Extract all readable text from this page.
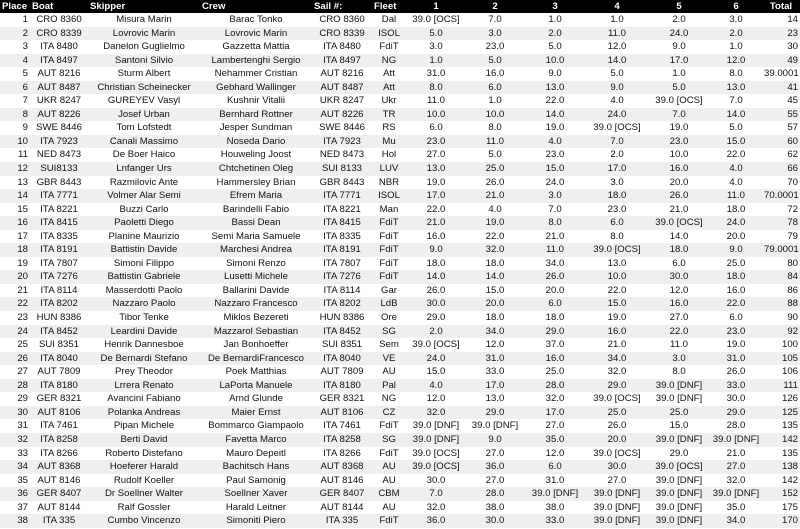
Place	Boat	Skipper	Crew	Sail #:	Fleet	1	2	3	4	5	6	Total
1	CRO 8360	Misura Marin	Barac Tonko	CRO 8360	Dal	39.0 [OCS]	7.0	1.0	1.0	2.0	3.0	14
2	CRO 8339	Lovrovic Marin	Lovrovic Marin	CRO 8339	ISOL	5.0	3.0	2.0	11.0	24.0	2.0	23
3	ITA 8480	Danelon Guglielmo	Gazzetta Mattia	ITA 8480	FdiT	3.0	23.0	5.0	12.0	9.0	1.0	30
4	ITA 8497	Santoni Silvio	Lambertenghi Sergio	ITA 8497	NG	1.0	5.0	10.0	14.0	17.0	12.0	49
5	AUT 8216	Sturm Albert	Nehammer Cristian	AUT 8216	Att	31.0	16.0	9.0	5.0	1.0	8.0	39.0001
6	AUT 8487	Christian Scheinecker	Gebhard Wallinger	AUT 8487	Att	8.0	6.0	13.0	9.0	5.0	13.0	41
7	UKR 8247	GUREYEV Vasyl	Kushnir Vitalii	UKR 8247	Ukr	11.0	1.0	22.0	4.0	39.0 [OCS]	7.0	45
8	AUT 8226	Josef Urban	Bernhard Rottner	AUT 8226	TR	10.0	10.0	14.0	24.0	7.0	14.0	55
9	SWE 8446	Tom Lofstedt	Jesper Sundman	SWE 8446	RS	6.0	8.0	19.0	39.0 [OCS]	19.0	5.0	57
10	ITA 7923	Canali Massimo	Noseda Dario	ITA 7923	Mu	23.0	11.0	4.0	7.0	23.0	15.0	60
11	NED 8473	De Boer Haico	Houweling Joost	NED 8473	Hol	27.0	5.0	23.0	2.0	10.0	22.0	62
12	SUI8133	Lnfanger Urs	Chtchetinen Oleg	SUI 8133	LUV	13.0	25.0	15.0	17.0	16.0	4.0	66
13	GBR 8443	Razmilovic Ante	Hammersley Brian	GBR 8443	NBR	19.0	26.0	24.0	3.0	20.0	4.0	70
14	ITA 7771	Volmer Alar Semi	Efrem Maria	ITA 7771	ISOL	17.0	21.0	3.0	18.0	26.0	11.0	70.0001
15	ITA 8221	Buzzi Carlo	Barindelli Fabio	ITA 8221	Man	22.0	4.0	7.0	23.0	21.0	18.0	72
16	ITA 8415	Paoletti Diego	Bassi Dean	ITA 8415	FdiT	21.0	19.0	8.0	6.0	39.0 [OCS]	24.0	78
17	ITA 8335	Planine Maurizio	Semi Maria Samuele	ITA 8335	FdiT	16.0	22.0	21.0	8.0	14.0	20.0	79
18	ITA 8191	Battistin Davide	Marchesi Andrea	ITA 8191	FdiT	9.0	32.0	11.0	39.0 [OCS]	18.0	9.0	79.0001
19	ITA 7807	Simoni Filippo	Simoni Renzo	ITA 7807	FdiT	18.0	18.0	34.0	13.0	6.0	25.0	80
20	ITA 7276	Battistin Gabriele	Lusetti Michele	ITA 7276	FdiT	14.0	14.0	26.0	10.0	30.0	18.0	84
21	ITA 8114	Masserdotti Paolo	Ballarini Davide	ITA 8114	Gar	26.0	15.0	20.0	22.0	12.0	16.0	86
22	ITA 8202	Nazzaro Paolo	Nazzaro Francesco	ITA 8202	LdB	30.0	20.0	6.0	15.0	16.0	22.0	88
23	HUN 8386	Tibor Tenke	Miklos Bezereti	HUN 8386	Ore	29.0	18.0	18.0	19.0	27.0	6.0	90
24	ITA 8452	Leardini Davide	Mazzarol Sebastian	ITA 8452	SG	2.0	34.0	29.0	16.0	22.0	23.0	92
25	SUI 8351	Henrik Dannesboe	Jan Bonhoeffer	SUI 8351	Sem	39.0 [OCS]	12.0	37.0	21.0	11.0	19.0	100
26	ITA 8040	De Bernardi Stefano	De BernardiFrancesco	ITA 8040	VE	24.0	31.0	16.0	34.0	3.0	31.0	105
27	AUT 7809	Prey Theodor	Poek Matthias	AUT 7809	AU	15.0	33.0	25.0	32.0	8.0	26.0	106
28	ITA 8180	Lrrera Renato	LaPorta Manuele	ITA 8180	Pal	4.0	17.0	28.0	29.0	39.0 [DNF]	33.0	111
29	GER 8321	Avancini Fabiano	Arnd Glunde	GER 8321	NG	12.0	13.0	32.0	39.0 [OCS]	39.0 [DNF]	30.0	126
30	AUT 8106	Polanka Andreas	Maier Ernst	AUT 8106	CZ	32.0	29.0	17.0	25.0	25.0	29.0	125
31	ITA 7461	Pipan Michele	Bommarco Giampaolo	ITA 7461	FdiT	39.0 [DNF]	39.0 [DNF]	27.0	26.0	15.0	28.0	135
32	ITA 8258	Berti David	Favetta Marco	ITA 8258	SG	39.0 [DNF]	9.0	35.0	20.0	39.0 [DNF]	39.0 [DNF]	142
33	ITA 8266	Roberto Distefano	Mauro Depeitl	ITA 8266	FdiT	39.0 [OCS]	27.0	12.0	39.0 [OCS]	29.0	21.0	135
34	AUT 8368	Hoeferer Harald	Bachitsch Hans	AUT 8368	AU	39.0 [OCS]	36.0	6.0	30.0	39.0 [OCS]	27.0	138
35	AUT 8146	Rudolf Koeller	Paul Samonig	AUT 8146	AU	30.0	27.0	31.0	27.0	39.0 [DNF]	32.0	142
36	GER 8407	Dr Soellner Walter	Soellner Xaver	GER 8407	CBM	7.0	28.0	39.0 [DNF]	39.0 [DNF]	39.0 [DNF]	39.0 [DNF]	152
37	AUT 8144	Ralf Gossler	Harald Leitner	AUT 8144	AU	32.0	38.0	38.0	39.0 [DNF]	39.0 [DNF]	35.0	175
38	ITA 335	Cumbo Vincenzo	Simoniti Piero	ITA 335	FdiT	36.0	30.0	33.0	39.0 [DNF]	39.0 [DNF]	34.0	170
